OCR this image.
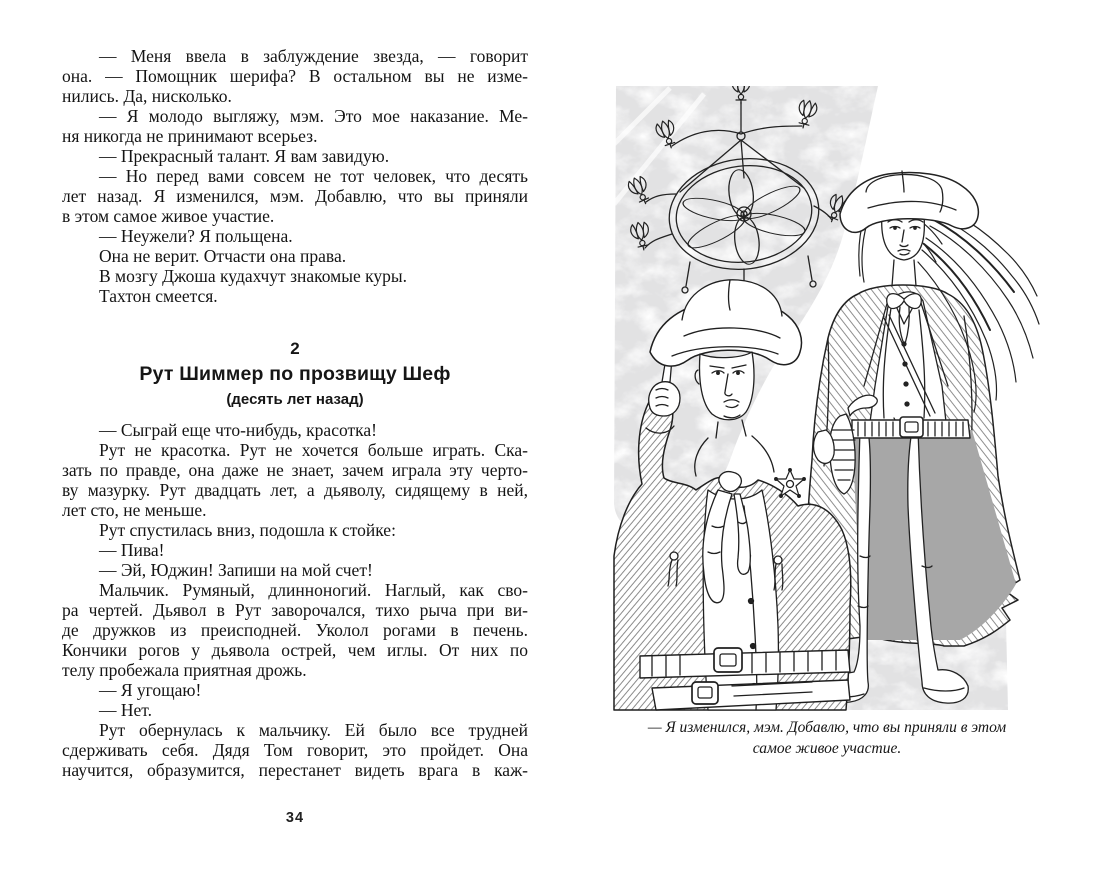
— Меня ввела в заблуждение звезда, — говорит
она. — Помощник шерифа? В остальном вы не изме-
нились. Да, нисколько.
— Я молодо выгляжу, мэм. Это мое наказание. Ме-
ня никогда не принимают всерьез.
— Прекрасный талант. Я вам завидую.
— Но перед вами совсем не тот человек, что десять
лет назад. Я изменился, мэм. Добавлю, что вы приняли
в этом самое живое участие.
— Неужели? Я польщена.
Она не верит. Отчасти она права.
В мозгу Джоша кудахчут знакомые куры.
Тахтон смеется.
2
Рут Шиммер по прозвищу Шеф
(десять лет назад)
— Сыграй еще что-нибудь, красотка!
Рут не красотка. Рут не хочется больше играть. Ска-
зать по правде, она даже не знает, зачем играла эту черто-
ву мазурку. Рут двадцать лет, а дьяволу, сидящему в ней,
лет сто, не меньше.
Рут спустилась вниз, подошла к стойке:
— Пива!
— Эй, Юджин! Запиши на мой счет!
Мальчик. Румяный, длинноногий. Наглый, как сво-
ра чертей. Дьявол в Рут заворочался, тихо рыча при ви-
де дружков из преисподней. Уколол рогами в печень.
Кончики рогов у дьявола острей, чем иглы. От них по
телу пробежала приятная дрожь.
— Я угощаю!
— Нет.
Рут обернулась к мальчику. Ей было все трудней
сдерживать себя. Дядя Том говорит, это пройдет. Она
научится, образумится, перестанет видеть врага в каж-
34
— Я изменился, мэм. Добавлю, что вы приняли в этом
самое живое участие.
